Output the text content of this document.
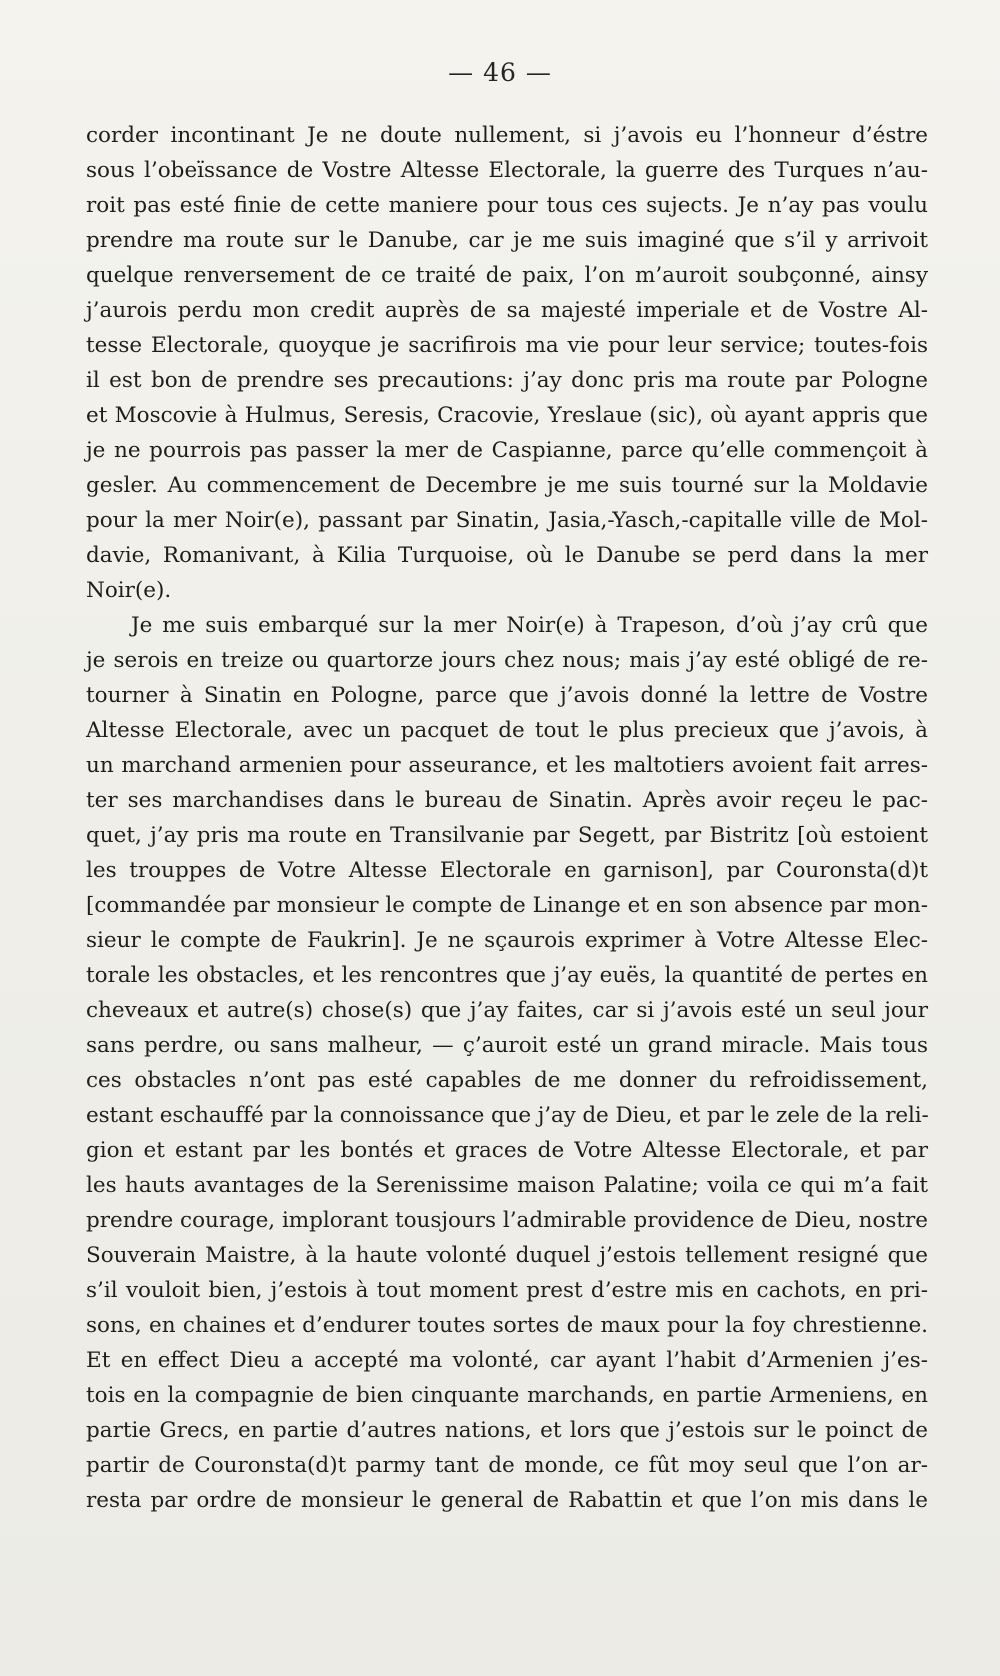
— 46 —
corder incontinant Je ne doute nullement, si j’avois eu l’honneur d’éstre
sous l’obeïssance de Vostre Altesse Electorale, la guerre des Turques n’au-
roit pas esté finie de cette maniere pour tous ces sujects. Je n’ay pas voulu
prendre ma route sur le Danube, car je me suis imaginé que s’il y arrivoit
quelque renversement de ce traité de paix, l’on m’auroit soubçonné, ainsy
j’aurois perdu mon credit auprès de sa majesté imperiale et de Vostre Al-
tesse Electorale, quoyque je sacrifirois ma vie pour leur service; toutes-fois
il est bon de prendre ses precautions: j’ay donc pris ma route par Pologne
et Moscovie à Hulmus, Seresis, Cracovie, Yreslaue (sic), où ayant appris que
je ne pourrois pas passer la mer de Caspianne, parce qu’elle commençoit à
gesler. Au commencement de Decembre je me suis tourné sur la Moldavie
pour la mer Noir(e), passant par Sinatin, Jasia,-Yasch,-capitalle ville de Mol-
davie, Romanivant, à Kilia Turquoise, où le Danube se perd dans la mer
Noir(e).
Je me suis embarqué sur la mer Noir(e) à Trapeson, d’où j’ay crû que
je serois en treize ou quartorze jours chez nous; mais j’ay esté obligé de re-
tourner à Sinatin en Pologne, parce que j’avois donné la lettre de Vostre
Altesse Electorale, avec un pacquet de tout le plus precieux que j’avois, à
un marchand armenien pour asseurance, et les maltotiers avoient fait arres-
ter ses marchandises dans le bureau de Sinatin. Après avoir reçeu le pac-
quet, j’ay pris ma route en Transilvanie par Segett, par Bistritz [où estoient
les trouppes de Votre Altesse Electorale en garnison], par Couronsta(d)t
[commandée par monsieur le compte de Linange et en son absence par mon-
sieur le compte de Faukrin]. Je ne sçaurois exprimer à Votre Altesse Elec-
torale les obstacles, et les rencontres que j’ay euës, la quantité de pertes en
cheveaux et autre(s) chose(s) que j’ay faites, car si j’avois esté un seul jour
sans perdre, ou sans malheur, — ç’auroit esté un grand miracle. Mais tous
ces obstacles n’ont pas esté capables de me donner du refroidissement,
estant eschauffé par la connoissance que j’ay de Dieu, et par le zele de la reli-
gion et estant par les bontés et graces de Votre Altesse Electorale, et par
les hauts avantages de la Serenissime maison Palatine; voila ce qui m’a fait
prendre courage, implorant tousjours l’admirable providence de Dieu, nostre
Souverain Maistre, à la haute volonté duquel j’estois tellement resigné que
s’il vouloit bien, j’estois à tout moment prest d’estre mis en cachots, en pri-
sons, en chaines et d’endurer toutes sortes de maux pour la foy chrestienne.
Et en effect Dieu a accepté ma volonté, car ayant l’habit d’Armenien j’es-
tois en la compagnie de bien cinquante marchands, en partie Armeniens, en
partie Grecs, en partie d’autres nations, et lors que j’estois sur le poinct de
partir de Couronsta(d)t parmy tant de monde, ce fût moy seul que l’on ar-
resta par ordre de monsieur le general de Rabattin et que l’on mis dans le
